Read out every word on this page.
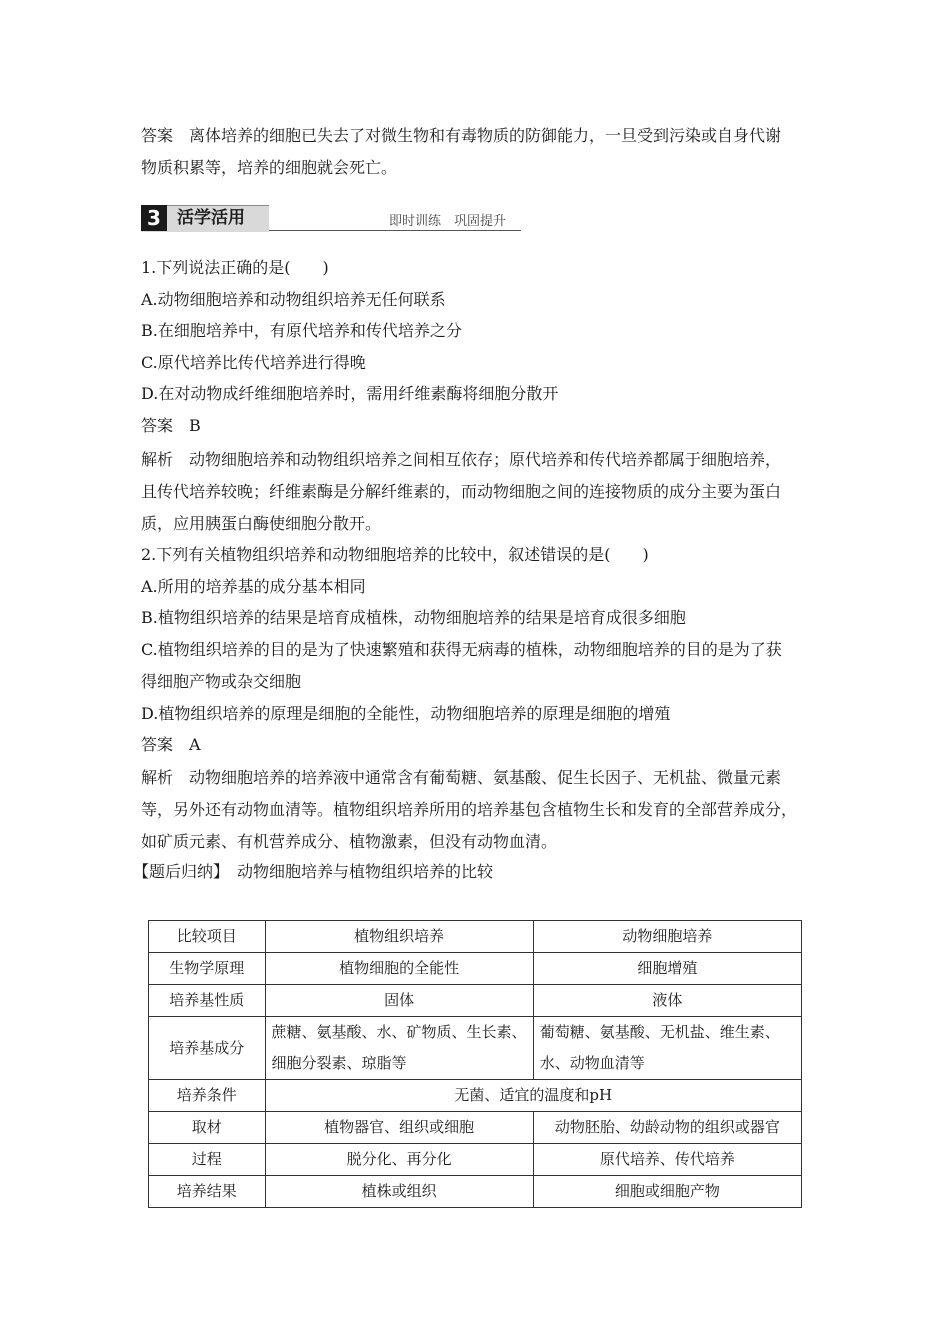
答案　离体培养的细胞已失去了对微生物和有毒物质的防御能力，一旦受到污染或自身代谢
物质积累等，培养的细胞就会死亡。
3 活学活用	即时训练　巩固提升
1.下列说法正确的是(　　)
A.动物细胞培养和动物组织培养无任何联系
B.在细胞培养中，有原代培养和传代培养之分
C.原代培养比传代培养进行得晚
D.在对动物成纤维细胞培养时，需用纤维素酶将细胞分散开
答案　B
解析　动物细胞培养和动物组织培养之间相互依存；原代培养和传代培养都属于细胞培养，
且传代培养较晚；纤维素酶是分解纤维素的，而动物细胞之间的连接物质的成分主要为蛋白
质，应用胰蛋白酶使细胞分散开。
2.下列有关植物组织培养和动物细胞培养的比较中，叙述错误的是(　　)
A.所用的培养基的成分基本相同
B.植物组织培养的结果是培育成植株，动物细胞培养的结果是培育成很多细胞
C.植物组织培养的目的是为了快速繁殖和获得无病毒的植株，动物细胞培养的目的是为了获
得细胞产物或杂交细胞
D.植物组织培养的原理是细胞的全能性，动物细胞培养的原理是细胞的增殖
答案　A
解析　动物细胞培养的培养液中通常含有葡萄糖、氨基酸、促生长因子、无机盐、微量元素
等，另外还有动物血清等。植物组织培养所用的培养基包含植物生长和发育的全部营养成分，
如矿质元素、有机营养成分、植物激素，但没有动物血清。
【题后归纳】　动物细胞培养与植物组织培养的比较
比较项目	植物组织培养	动物细胞培养
生物学原理	植物细胞的全能性	细胞增殖
培养基性质	固体	液体
培养基成分	蔗糖、氨基酸、水、矿物质、生长素、细胞分裂素、琼脂等	葡萄糖、氨基酸、无机盐、维生素、水、动物血清等
培养条件	无菌、适宜的温度和pH	
取材	植物器官、组织或细胞	动物胚胎、幼龄动物的组织或器官
过程	脱分化、再分化	原代培养、传代培养
培养结果	植株或组织	细胞或细胞产物
